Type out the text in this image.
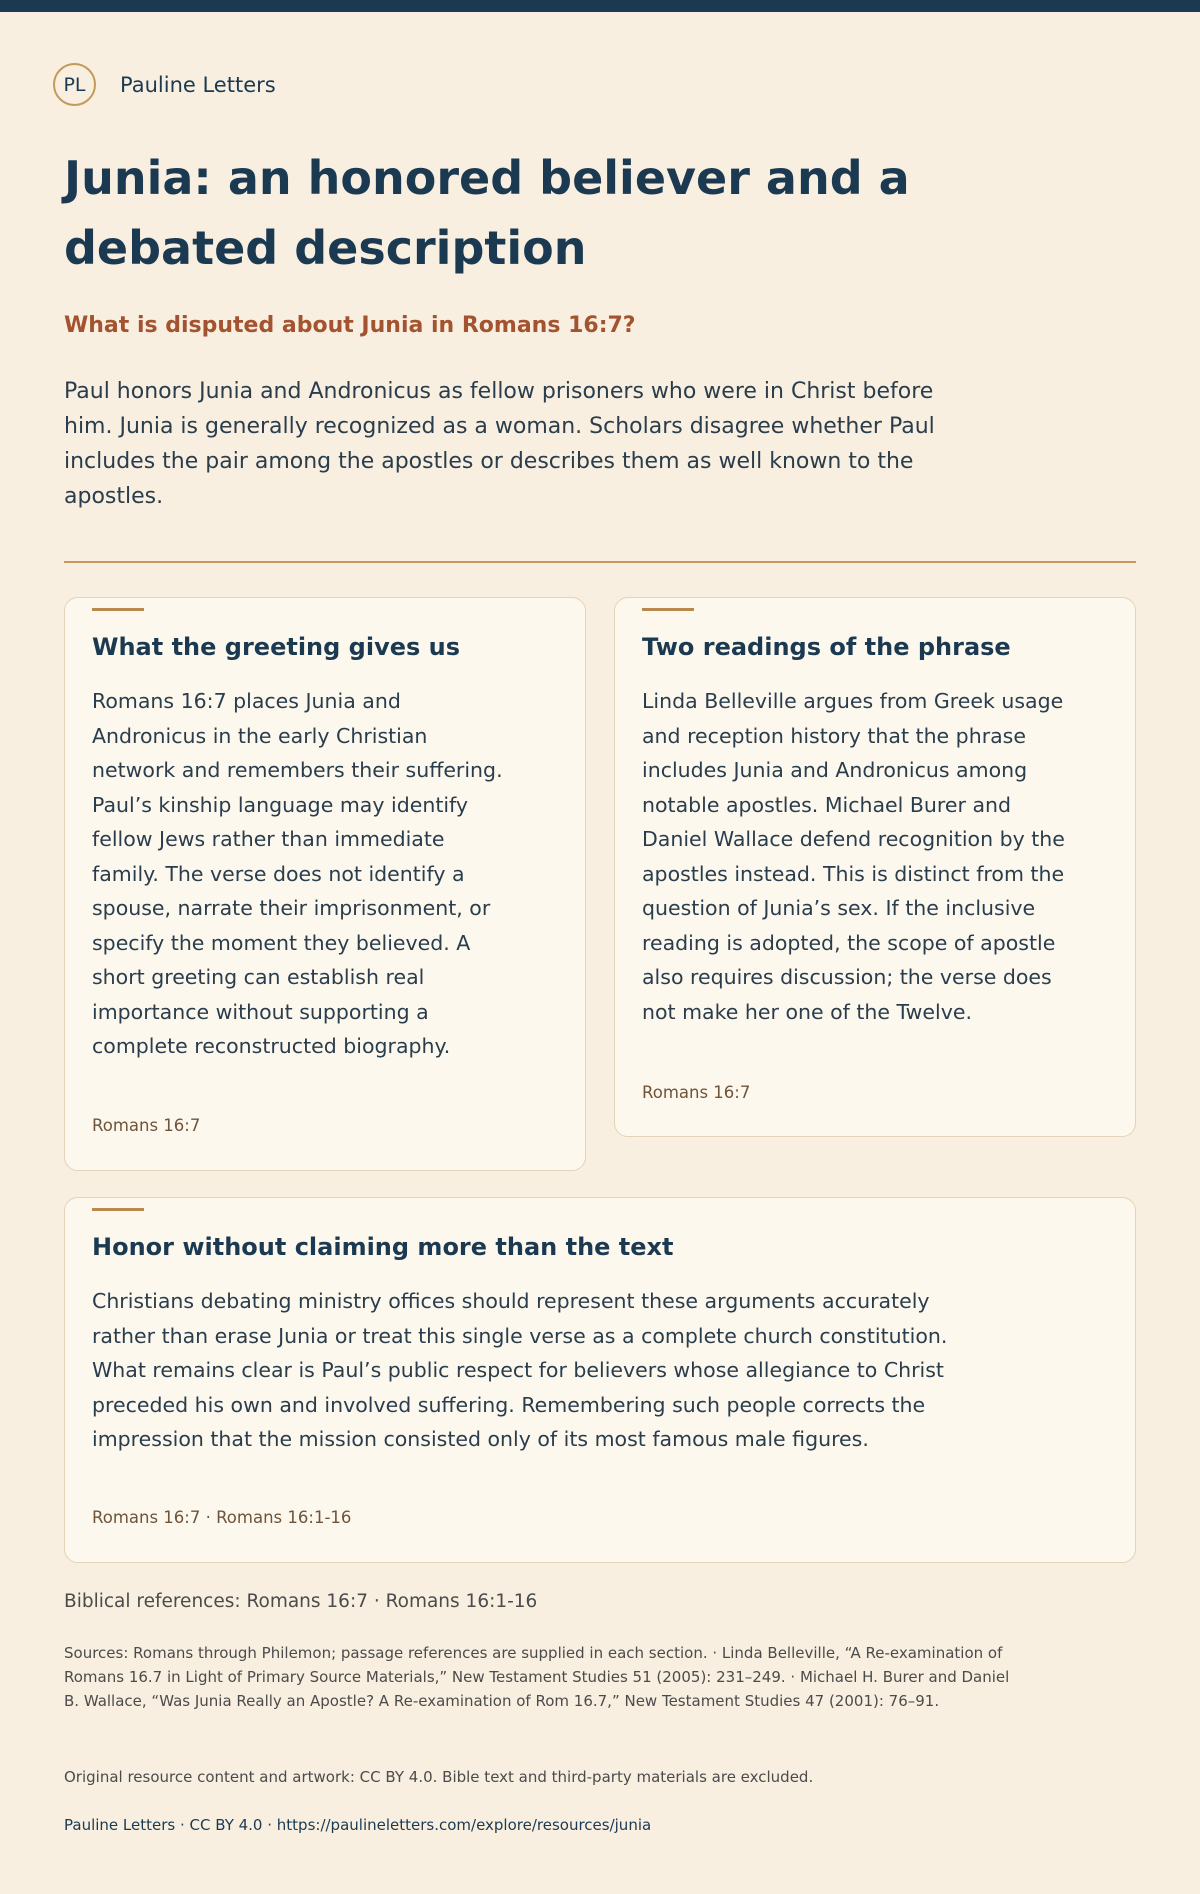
PL	Pauline Letters
Junia: an honored believer and a debated description
What is disputed about Junia in Romans 16:7?

Paul honors Junia and Andronicus as fellow prisoners who were in Christ before him. Junia is generally recognized as a woman. Scholars disagree whether Paul includes the pair among the apostles or describes them as well known to the apostles.

What the greeting gives us

Romans 16:7 places Junia and Andronicus in the early Christian network and remembers their suffering. Paul’s kinship language may identify fellow Jews rather than immediate family. The verse does not identify a spouse, narrate their imprisonment, or specify the moment they believed. A short greeting can establish real importance without supporting a complete reconstructed biography.

Romans 16:7
Two readings of the phrase

Linda Belleville argues from Greek usage and reception history that the phrase includes Junia and Andronicus among notable apostles. Michael Burer and Daniel Wallace defend recognition by the apostles instead. This is distinct from the question of Junia’s sex. If the inclusive reading is adopted, the scope of apostle also requires discussion; the verse does not make her one of the Twelve.

Romans 16:7
Honor without claiming more than the text

Christians debating ministry offices should represent these arguments accurately rather than erase Junia or treat this single verse as a complete church constitution. What remains clear is Paul’s public respect for believers whose allegiance to Christ preceded his own and involved suffering. Remembering such people corrects the impression that the mission consisted only of its most famous male figures.

Romans 16:7 · Romans 16:1-16
Biblical references: Romans 16:7 · Romans 16:1-16

Sources: Romans through Philemon; passage references are supplied in each section. · Linda Belleville, “A Re-examination of Romans 16.7 in Light of Primary Source Materials,” New Testament Studies 51 (2005): 231–249. · Michael H. Burer and Daniel B. Wallace, “Was Junia Really an Apostle? A Re-examination of Rom 16.7,” New Testament Studies 47 (2001): 76–91.

Original resource content and artwork: CC BY 4.0. Bible text and third-party materials are excluded.
Pauline Letters · CC BY 4.0 · https://paulineletters.com/explore/resources/junia
